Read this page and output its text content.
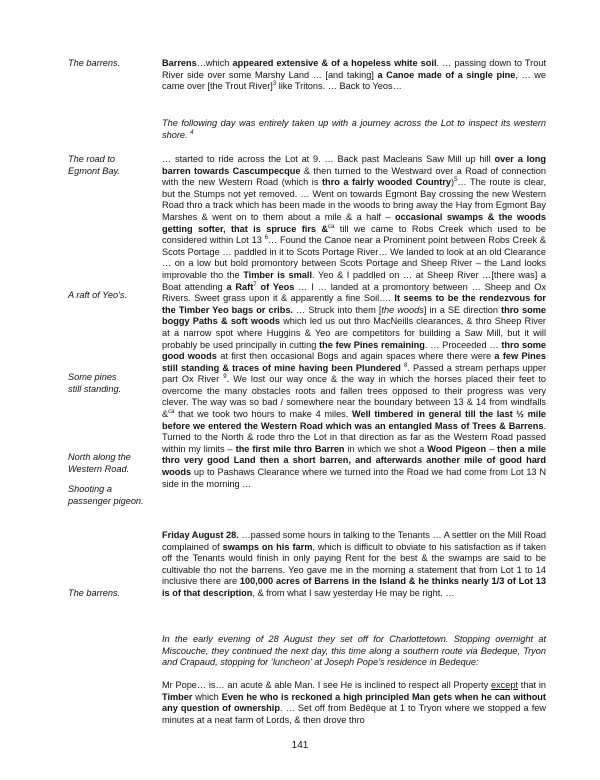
The barrens.	Barrens…which appeared extensive & of a hopeless white soil. … passing down to Trout River side over some Marshy Land … [and taking] a Canoe made of a single pine, … we came over [the Trout River]$^3$ like Tritons. … Back to Yeos…

The following day was entirely taken up with a journey across the Lot to inspect its western shore. $^4$

The road to
Egmont Bay.

… started to ride across the Lot at 9. … Back past Macleans Saw Mill up hill over a long barren towards Cascumpecque & then turned to the Westward over a Road of connection with the new Western Road (which is thro a fairly wooded Country)$^5$… The route is clear, but the Stumps not yet removed. … Went on towards Egmont Bay crossing the new Western Road thro a track which has been made in the woods to bring away the Hay from Egmont Bay Marshes & went on to them about a mile & a half – occasional swamps & the woods getting softer, that is spruce firs &$^{ca}$ till we came to Robs Creek which used to be considered within Lot 13 $^6$… Found the Canoe near a Prominent point between Robs Creek & Scots Portage … paddled in it to Scots Portage River… We landed to look at an old Clearance … on a low but bold promontory between Scots Portage and Sheep River – the Land looks improvable tho the Timber is small. Yeo & I paddled on … at Sheep River …[there was] a Boat attending a Raft$^7$ of Yeos … I … landed at a promontory between … Sheep and Ox Rivers. Sweet grass upon it & apparently a fine Soil…. It seems to be the rendezvous for the Timber Yeo bags or cribs. … Struck into them [the woods] in a SE direction thro some boggy Paths & soft woods which led us out thro MacNeills clearances, & thro Sheep River at a narrow spot where Huggins & Yeo are competitors for building a Saw Mill, but it will probably be used principally in cutting the few Pines remaining. … Proceeded … thro some good woods at first then occasional Bogs and again spaces where there were a few Pines still standing & traces of mine having been Plundered $^8$. Passed a stream perhaps upper part Ox River $^9$. We lost our way once & the way in which the horses placed their feet to overcome the many obstacles roots and fallen trees opposed to their progress was very clever. The way was so bad / somewhere near the boundary between 13 & 14 from windfalls &$^{ca}$ that we took two hours to make 4 miles. Well timbered in general till the last ½ mile before we entered the Western Road which was an entangled Mass of Trees & Barrens. Turned to the North & rode thro the Lot in that direction as far as the Western Road passed within my limits – the first mile thro Barren in which we shot a Wood Pigeon – then a mile thro very good Land then a short barren, and afterwards another mile of good hard woods up to Pashaws Clearance where we turned into the Road we had come from Lot 13 N side in the morning …

A raft of Yeo’s.
Some pines
still standing.
North along the
Western Road.
Shooting a
passenger pigeon.

Friday August 28. …passed some hours in talking to the Tenants … A settler on the Mill Road complained of swamps on his farm, which is difficult to obviate to his satisfaction as if taken off the Tenants would finish in only paying Rent for the best & the swamps are said to be cultivable tho not the barrens. Yeo gave me in the morning a statement that from Lot 1 to 14 inclusive there are 100,000 acres of Barrens in the Island & he thinks nearly 1/3 of Lot 13 is of that description, & from what I saw yesterday He may be right. …

The barrens.

In the early evening of 28 August they set off for Charlottetown. Stopping overnight at Miscouche, they continued the next day, this time along a southern route via Bedeque, Tryon and Crapaud, stopping for ‘luncheon’ at Joseph Pope’s residence in Bedeque:

Mr Pope… is… an acute & able Man. I see He is inclined to respect all Property except that in Timber which Even he who is reckoned a high principled Man gets when he can without any question of ownership. … Set off from Bedêque at 1 to Tryon where we stopped a few minutes at a neat farm of Lords, & then drove thro

141
